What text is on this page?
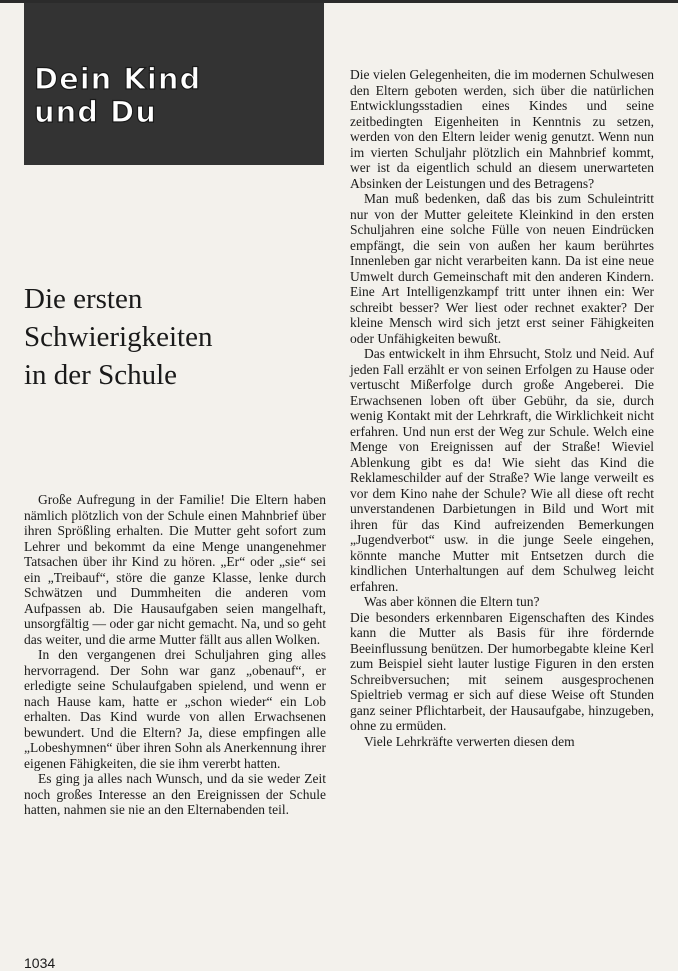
Dein Kind
und Du
Die ersten
Schwierigkeiten
in der Schule

Große Aufregung in der Familie! Die Eltern haben nämlich plötzlich von der Schule einen Mahnbrief über ihren Sprößling erhalten. Die Mutter geht sofort zum Lehrer und bekommt da eine Menge unangenehmer Tatsachen über ihr Kind zu hören. „Er“ oder „sie“ sei ein „Treibauf“, störe die ganze Klasse, lenke durch Schwätzen und Dummheiten die anderen vom Aufpassen ab. Die Hausaufgaben seien mangelhaft, unsorgfältig — oder gar nicht gemacht. Na, und so geht das weiter, und die arme Mutter fällt aus allen Wolken.

In den vergangenen drei Schuljahren ging alles hervorragend. Der Sohn war ganz „obenauf“, er erledigte seine Schulaufgaben spielend, und wenn er nach Hause kam, hatte er „schon wieder“ ein Lob erhalten. Das Kind wurde von allen Erwachsenen bewundert. Und die Eltern? Ja, diese empfingen alle „Lobeshymnen“ über ihren Sohn als Anerkennung ihrer eigenen Fähigkeiten, die sie ihm vererbt hatten.

Es ging ja alles nach Wunsch, und da sie weder Zeit noch großes Interesse an den Ereignissen der Schule hatten, nahmen sie nie an den Elternabenden teil.

Die vielen Gelegenheiten, die im modernen Schulwesen den Eltern geboten werden, sich über die natürlichen Entwicklungsstadien eines Kindes und seine zeitbedingten Eigenheiten in Kenntnis zu setzen, werden von den Eltern leider wenig genutzt. Wenn nun im vierten Schuljahr plötzlich ein Mahnbrief kommt, wer ist da eigentlich schuld an diesem unerwarteten Absinken der Leistungen und des Betragens?

Man muß bedenken, daß das bis zum Schuleintritt nur von der Mutter geleitete Kleinkind in den ersten Schuljahren eine solche Fülle von neuen Eindrücken empfängt, die sein von außen her kaum berührtes Innenleben gar nicht verarbeiten kann. Da ist eine neue Umwelt durch Gemeinschaft mit den anderen Kindern. Eine Art Intelligenzkampf tritt unter ihnen ein: Wer schreibt besser? Wer liest oder rechnet exakter? Der kleine Mensch wird sich jetzt erst seiner Fähigkeiten oder Unfähigkeiten bewußt.

Das entwickelt in ihm Ehrsucht, Stolz und Neid. Auf jeden Fall erzählt er von seinen Erfolgen zu Hause oder vertuscht Mißerfolge durch große Angeberei. Die Erwachsenen loben oft über Gebühr, da sie, durch wenig Kontakt mit der Lehrkraft, die Wirklichkeit nicht erfahren. Und nun erst der Weg zur Schule. Welch eine Menge von Ereignissen auf der Straße! Wieviel Ablenkung gibt es da! Wie sieht das Kind die Reklameschilder auf der Straße? Wie lange verweilt es vor dem Kino nahe der Schule? Wie all diese oft recht unverstandenen Darbietungen in Bild und Wort mit ihren für das Kind aufreizenden Bemerkungen „Jugendverbot“ usw. in die junge Seele eingehen, könnte manche Mutter mit Entsetzen durch die kindlichen Unterhaltungen auf dem Schulweg leicht erfahren.

Was aber können die Eltern tun?

Die besonders erkennbaren Eigenschaften des Kindes kann die Mutter als Basis für ihre fördernde Beeinflussung benützen. Der humorbegabte kleine Kerl zum Beispiel sieht lauter lustige Figuren in den ersten Schreibversuchen; mit seinem ausgesprochenen Spieltrieb vermag er sich auf diese Weise oft Stunden ganz seiner Pflichtarbeit, der Hausaufgabe, hinzugeben, ohne zu ermüden.

Viele Lehrkräfte verwerten diesen dem

1034
